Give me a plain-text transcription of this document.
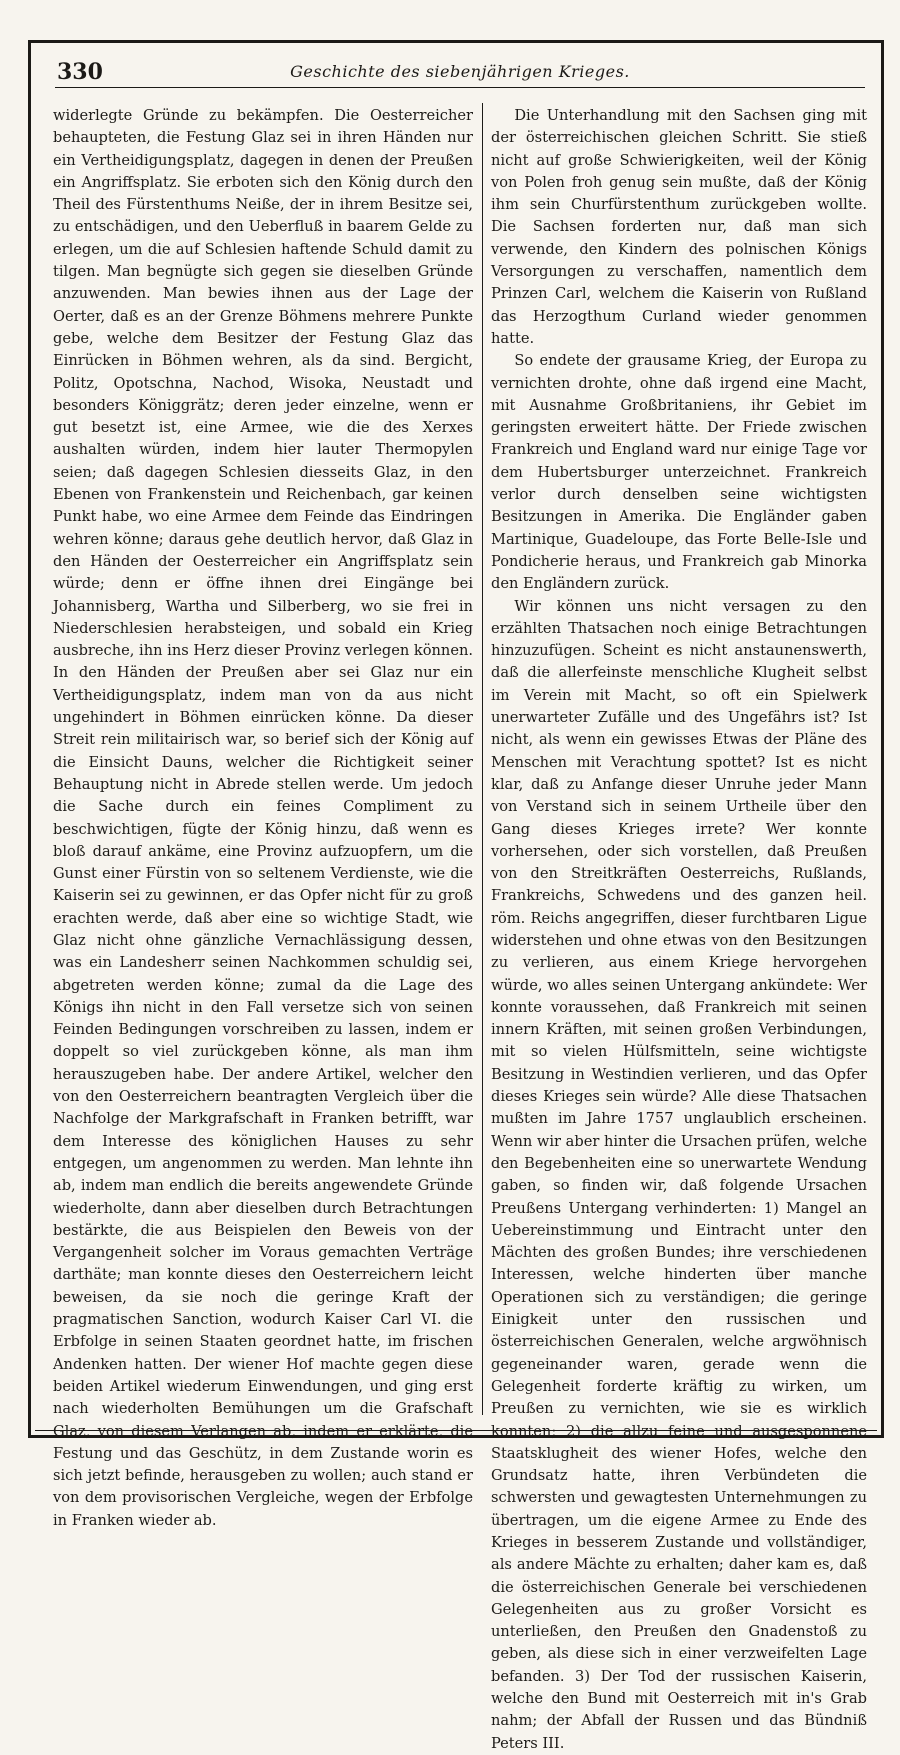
330	Geschichte des siebenjährigen Krieges.

widerlegte Gründe zu bekämpfen. Die Oesterreicher behaupteten, die Festung Glaz sei in ihren Händen nur ein Vertheidigungsplatz, dagegen in denen der Preußen ein Angriffsplatz. Sie erboten sich den König durch den Theil des Fürstenthums Neiße, der in ihrem Besitze sei, zu entschädigen, und den Ueberfluß in baarem Gelde zu erlegen, um die auf Schlesien haftende Schuld damit zu tilgen. Man begnügte sich gegen sie dieselben Gründe anzuwenden. Man bewies ihnen aus der Lage der Oerter, daß es an der Grenze Böhmens mehrere Punkte gebe, welche dem Besitzer der Festung Glaz das Einrücken in Böhmen wehren, als da sind. Bergicht, Politz, Opotschna, Nachod, Wisoka, Neustadt und besonders Königgrätz; deren jeder einzelne, wenn er gut besetzt ist, eine Armee, wie die des Xerxes aushalten würden, indem hier lauter Thermopylen seien; daß dagegen Schlesien diesseits Glaz, in den Ebenen von Frankenstein und Reichenbach, gar keinen Punkt habe, wo eine Armee dem Feinde das Eindringen wehren könne; daraus gehe deutlich hervor, daß Glaz in den Händen der Oesterreicher ein Angriffsplatz sein würde; denn er öffne ihnen drei Eingänge bei Johannisberg, Wartha und Silberberg, wo sie frei in Niederschlesien herabsteigen, und sobald ein Krieg ausbreche, ihn ins Herz dieser Provinz verlegen können. In den Händen der Preußen aber sei Glaz nur ein Vertheidigungsplatz, indem man von da aus nicht ungehindert in Böhmen einrücken könne. Da dieser Streit rein militairisch war, so berief sich der König auf die Einsicht Dauns, welcher die Richtigkeit seiner Behauptung nicht in Abrede stellen werde. Um jedoch die Sache durch ein feines Compliment zu beschwichtigen, fügte der König hinzu, daß wenn es bloß darauf ankäme, eine Provinz aufzuopfern, um die Gunst einer Fürstin von so seltenem Verdienste, wie die Kaiserin sei zu gewinnen, er das Opfer nicht für zu groß erachten werde, daß aber eine so wichtige Stadt, wie Glaz nicht ohne gänzliche Vernachlässigung dessen, was ein Landesherr seinen Nachkommen schuldig sei, abgetreten werden könne; zumal da die Lage des Königs ihn nicht in den Fall versetze sich von seinen Feinden Bedingungen vorschreiben zu lassen, indem er doppelt so viel zurückgeben könne, als man ihm herauszugeben habe. Der andere Artikel, welcher den von den Oesterreichern beantragten Vergleich über die Nachfolge der Markgrafschaft in Franken betrifft, war dem Interesse des königlichen Hauses zu sehr entgegen, um angenommen zu werden. Man lehnte ihn ab, indem man endlich die bereits angewendete Gründe wiederholte, dann aber dieselben durch Betrachtungen bestärkte, die aus Beispielen den Beweis von der Vergangenheit solcher im Voraus gemachten Verträge darthäte; man konnte dieses den Oesterreichern leicht beweisen, da sie noch die geringe Kraft der pragmatischen Sanction, wodurch Kaiser Carl VI. die Erbfolge in seinen Staaten geordnet hatte, im frischen Andenken hatten. Der wiener Hof machte gegen diese beiden Artikel wiederum Einwendungen, und ging erst nach wiederholten Bemühungen um die Grafschaft Glaz, von diesem Verlangen ab, indem er erklärte, die Festung und das Geschütz, in dem Zustande worin es sich jetzt befinde, herausgeben zu wollen; auch stand er von dem provisorischen Vergleiche, wegen der Erbfolge in Franken wieder ab.

Die Unterhandlung mit den Sachsen ging mit der österreichischen gleichen Schritt. Sie stieß nicht auf große Schwierigkeiten, weil der König von Polen froh genug sein mußte, daß der König ihm sein Churfürstenthum zurückgeben wollte. Die Sachsen forderten nur, daß man sich verwende, den Kindern des polnischen Königs Versorgungen zu verschaffen, namentlich dem Prinzen Carl, welchem die Kaiserin von Rußland das Herzogthum Curland wieder genommen hatte.

So endete der grausame Krieg, der Europa zu vernichten drohte, ohne daß irgend eine Macht, mit Ausnahme Großbritaniens, ihr Gebiet im geringsten erweitert hätte. Der Friede zwischen Frankreich und England ward nur einige Tage vor dem Hubertsburger unterzeichnet. Frankreich verlor durch denselben seine wichtigsten Besitzungen in Amerika. Die Engländer gaben Martinique, Guadeloupe, das Forte Belle-Isle und Pondicherie heraus, und Frankreich gab Minorka den Engländern zurück.

Wir können uns nicht versagen zu den erzählten Thatsachen noch einige Betrachtungen hinzuzufügen. Scheint es nicht anstaunenswerth, daß die allerfeinste menschliche Klugheit selbst im Verein mit Macht, so oft ein Spielwerk unerwarteter Zufälle und des Ungefährs ist? Ist nicht, als wenn ein gewisses Etwas der Pläne des Menschen mit Verachtung spottet? Ist es nicht klar, daß zu Anfange dieser Unruhe jeder Mann von Verstand sich in seinem Urtheile über den Gang dieses Krieges irrete? Wer konnte vorhersehen, oder sich vorstellen, daß Preußen von den Streitkräften Oesterreichs, Rußlands, Frankreichs, Schwedens und des ganzen heil. röm. Reichs angegriffen, dieser furchtbaren Ligue widerstehen und ohne etwas von den Besitzungen zu verlieren, aus einem Kriege hervorgehen würde, wo alles seinen Untergang ankündete: Wer konnte voraussehen, daß Frankreich mit seinen innern Kräften, mit seinen großen Verbindungen, mit so vielen Hülfsmitteln, seine wichtigste Besitzung in Westindien verlieren, und das Opfer dieses Krieges sein würde? Alle diese Thatsachen mußten im Jahre 1757 unglaublich erscheinen. Wenn wir aber hinter die Ursachen prüfen, welche den Begebenheiten eine so unerwartete Wendung gaben, so finden wir, daß folgende Ursachen Preußens Untergang verhinderten: 1) Mangel an Uebereinstimmung und Eintracht unter den Mächten des großen Bundes; ihre verschiedenen Interessen, welche hinderten über manche Operationen sich zu verständigen; die geringe Einigkeit unter den russischen und österreichischen Generalen, welche argwöhnisch gegeneinander waren, gerade wenn die Gelegenheit forderte kräftig zu wirken, um Preußen zu vernichten, wie sie es wirklich konnten; 2) die allzu feine und ausgesponnene Staatsklugheit des wiener Hofes, welche den Grundsatz hatte, ihren Verbündeten die schwersten und gewagtesten Unternehmungen zu übertragen, um die eigene Armee zu Ende des Krieges in besserem Zustande und vollständiger, als andere Mächte zu erhalten; daher kam es, daß die österreichischen Generale bei verschiedenen Gelegenheiten aus zu großer Vorsicht es unterließen, den Preußen den Gnadenstoß zu geben, als diese sich in einer verzweifelten Lage befanden. 3) Der Tod der russischen Kaiserin, welche den Bund mit Oesterreich mit in's Grab nahm; der Abfall der Russen und das Bündniß Peters III.
